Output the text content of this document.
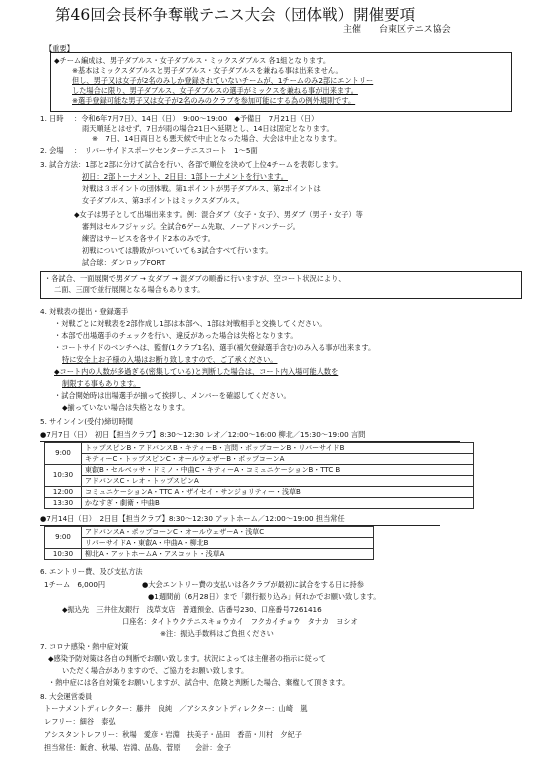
第46回会長杯争奪戦テニス大会（団体戦）開催要項
主催　　台東区テニス協会
【重要】
◆チーム編成は、男子ダブルス・女子ダブルス・ミックスダブルス 各1組となります。
※基本はミックスダブルスと男子ダブルス・女子ダブルスを兼ねる事は出来ません。
但し、男子又は女子が2名のみしか登録されていないチームが、1チームのみ2部にエントリー
した場合に限り、男子ダブルス、女子ダブルスの選手がミックスを兼ねる事が出来ます。
※選手登録可能な男子又は女子が2名のみのクラブを参加可能にする為の例外規則です。
1. 日時 ：令和6年7月7日）、14日（日）　9:00～19:00　◆予備日　7月21日（日）
雨天順延とはせず、7日が雨の場合21日へ延期とし、14日は固定となります。
※　7日、14日両日とも悪天候で中止となった場合、大会は中止となります。
2. 会場 ：　リバーサイドスポーツセンターテニスコート　1～5面
3. 試合方法 ：1部と2部に分けて試合を行い、各部で順位を決めて上位4チームを表彰します。
初日：2部トーナメント、2日目：1部トーナメントを行います。
対戦は３ポイントの団体戦。第1ポイントが男子ダブルス、第2ポイントは
女子ダブルス、第3ポイントはミックスダブルス。
◆女子は男子として出場出来ます。例：混合ダブ（女子・女子）、男ダブ（男子・女子）等
審判はセルフジャッジ。全試合6ゲーム先取、ノーアドバンテージ。
練習はサービスを各サイド2本のみです。
初戦については勝敗がついていても3試合すべて行います。
試合球：ダンロップFORT
・各試合、一面展開で男ダブ → 女ダブ → 混ダブの順番に行いますが、空コート状況により、
二面、三面で並行展開となる場合もあります。
4. 対戦表の提出・登録選手
・対戦ごとに対戦表を2部作成し1部は本部へ、1部は対戦相手と交換してください。
・本部で出場選手のチェックを行い、違反があった場合は失格となります。
・コートサイドのベンチへは、監督(1クラブ1名)、選手(補欠登録選手含む)のみ入る事が出来ます。
特に安全上お子様の入場はお断り致しますので、ご了承ください。
◆コート内の人数が多過ぎる(密集している)と判断した場合は、コート内入場可能人数を
制限する事もあります。
・試合開始時は出場選手が揃って挨拶し、メンバーを確認してください。
◆揃っていない場合は失格となります。
5. サインイン(受付)締切時間
●7月7日（日）　初日【担当クラブ】8:30～12:30 レオ／12:00～16:00 柳北／15:30～19:00 言問
9:00	トップスピンB・アドバンスB・キティーB・言問・ポップコーンB・リバーサイドB
	キティーC・トップスピンC・オールウェザーB・ポップコーンA
10:30	東叡B・セルベッサ・ドミノ・中曲C・キティーA・コミュニケーションB・TTC B
	アドバンスC・レオ・トップスピンA
12:00	コミュニケーションA・TTC A・ザイセイ・サンジョリティー・浅草B
13:30	かなすぎ・劇衛・中曲B
●7月14日（日）　2日目【担当クラブ】8:30～12:30 アットホーム／12:00～19:00 担当常任
9:00	アドバンスA・ポップコーンC・オールウェザーA・浅草C
	リバーサイドA・東叡A・中曲A・柳北B
10:30	柳北A・アットホームA・アスコット・浅草A
6. エントリー費、及び支払方法
1チーム　6,000円	●大会エントリー費の支払いは各クラブが最初に試合をする日に持参
●1週間前（6月28日）まで「銀行振り込み」何れかでお願い致します。
◆振込先　三井住友銀行　浅草支店　普通預金、店番号230、口座番号7261416
口座名：タイトウクテニスキョウカイ　フクカイチョウ　タナカ　ヨシオ
※注：振込手数料はご負担ください
7. コロナ感染・熱中症対策
◆感染予防対策は各自の判断でお願い致します。状況によっては主催者の指示に従って
いただく場合がありますので、ご協力をお願い致します。
・熱中症には各自対策をお願いしますが、試合中、危険と判断した場合、棄権して頂きます。
8. 大会運営委員
トーナメントディレクター：藤井　良純　／アシスタントディレクター：山崎　嵐
レフリー：細谷　泰弘
アシスタントレフリー：秋場　愛彦・岩淵　扶美子・品田　香苗・川村　夕紀子
担当常任：飯倉、秋場、岩淵、品島、菅原　　会計：金子
